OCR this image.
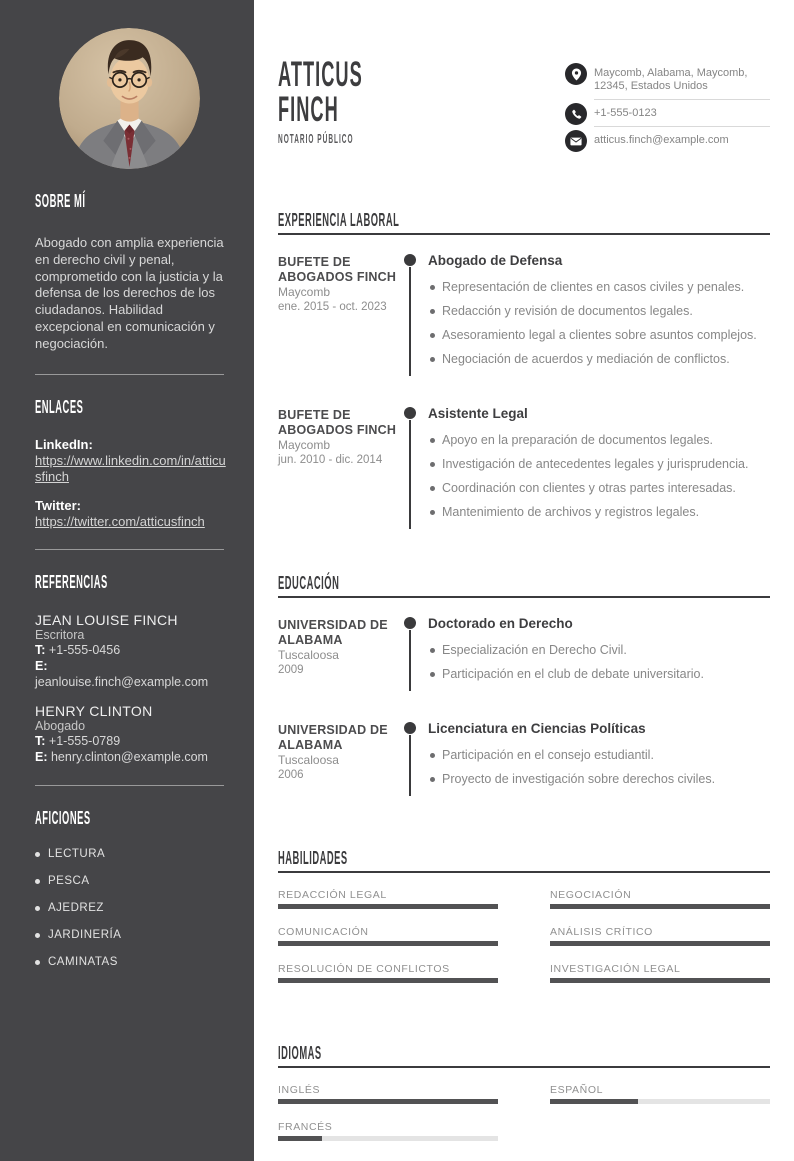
SOBRE MÍ

Abogado con amplia experiencia en derecho civil y penal, comprometido con la justicia y la defensa de los derechos de los ciudadanos. Habilidad excepcional en comunicación y negociación.

ENLACES
LinkedIn:
https://www.linkedin.com/in/atticusfinch
Twitter:
https://twitter.com/atticusfinch
REFERENCIAS
JEAN LOUISE FINCH
Escritora
T: +1-555-0456
E: jeanlouise.finch@example.com
HENRY CLINTON
Abogado
T: +1-555-0789
E: henry.clinton@example.com
AFICIONES
LECTURA
PESCA
AJEDREZ
JARDINERÍA
CAMINATAS
ATTICUS
FINCH
NOTARIO PÚBLICO
Maycomb, Alabama, Maycomb, 12345, Estados Unidos
+1-555-0123
atticus.finch@example.com
EXPERIENCIA LABORAL
BUFETE DE ABOGADOS FINCH
Maycomb
ene. 2015 - oct. 2023
Abogado de Defensa
Representación de clientes en casos civiles y penales.
Redacción y revisión de documentos legales.
Asesoramiento legal a clientes sobre asuntos complejos.
Negociación de acuerdos y mediación de conflictos.
BUFETE DE ABOGADOS FINCH
Maycomb
jun. 2010 - dic. 2014
Asistente Legal
Apoyo en la preparación de documentos legales.
Investigación de antecedentes legales y jurisprudencia.
Coordinación con clientes y otras partes interesadas.
Mantenimiento de archivos y registros legales.
EDUCACIÓN
UNIVERSIDAD DE ALABAMA
Tuscaloosa
2009
Doctorado en Derecho
Especialización en Derecho Civil.
Participación en el club de debate universitario.
UNIVERSIDAD DE ALABAMA
Tuscaloosa
2006
Licenciatura en Ciencias Políticas
Participación en el consejo estudiantil.
Proyecto de investigación sobre derechos civiles.
HABILIDADES
REDACCIÓN LEGAL	NEGOCIACIÓN
COMUNICACIÓN	ANÁLISIS CRÍTICO
RESOLUCIÓN DE CONFLICTOS	INVESTIGACIÓN LEGAL
IDIOMAS
INGLÉS	ESPAÑOL
FRANCÉS
